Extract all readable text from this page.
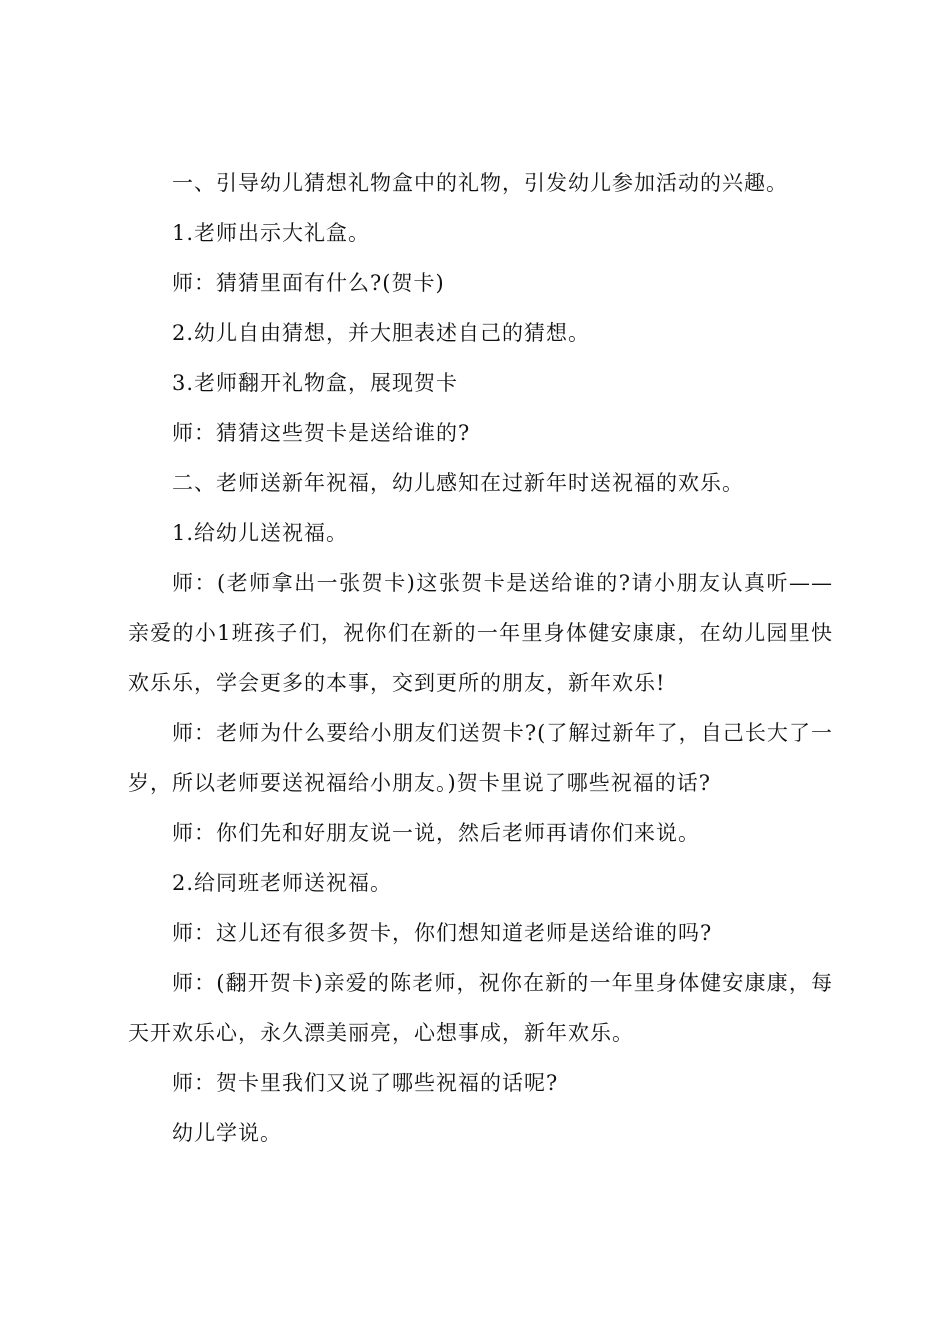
一、引导幼儿猜想礼物盒中的礼物，引发幼儿参加活动的兴趣。

1.老师出示大礼盒。

师：猜猜里面有什么?(贺卡)

2.幼儿自由猜想，并大胆表述自己的猜想。

3.老师翻开礼物盒，展现贺卡

师：猜猜这些贺卡是送给谁的?

二、老师送新年祝福，幼儿感知在过新年时送祝福的欢乐。

1.给幼儿送祝福。

师：(老师拿出一张贺卡)这张贺卡是送给谁的?请小朋友认真听——亲爱的小1班孩子们，祝你们在新的一年里身体健安康康，在幼儿园里快欢乐乐，学会更多的本事，交到更所的朋友，新年欢乐!

师：老师为什么要给小朋友们送贺卡?(了解过新年了，自己长大了一岁，所以老师要送祝福给小朋友。)贺卡里说了哪些祝福的话?

师：你们先和好朋友说一说，然后老师再请你们来说。

2.给同班老师送祝福。

师：这儿还有很多贺卡，你们想知道老师是送给谁的吗?

师：(翻开贺卡)亲爱的陈老师，祝你在新的一年里身体健安康康，每天开欢乐心，永久漂美丽亮，心想事成，新年欢乐。

师：贺卡里我们又说了哪些祝福的话呢?

幼儿学说。
